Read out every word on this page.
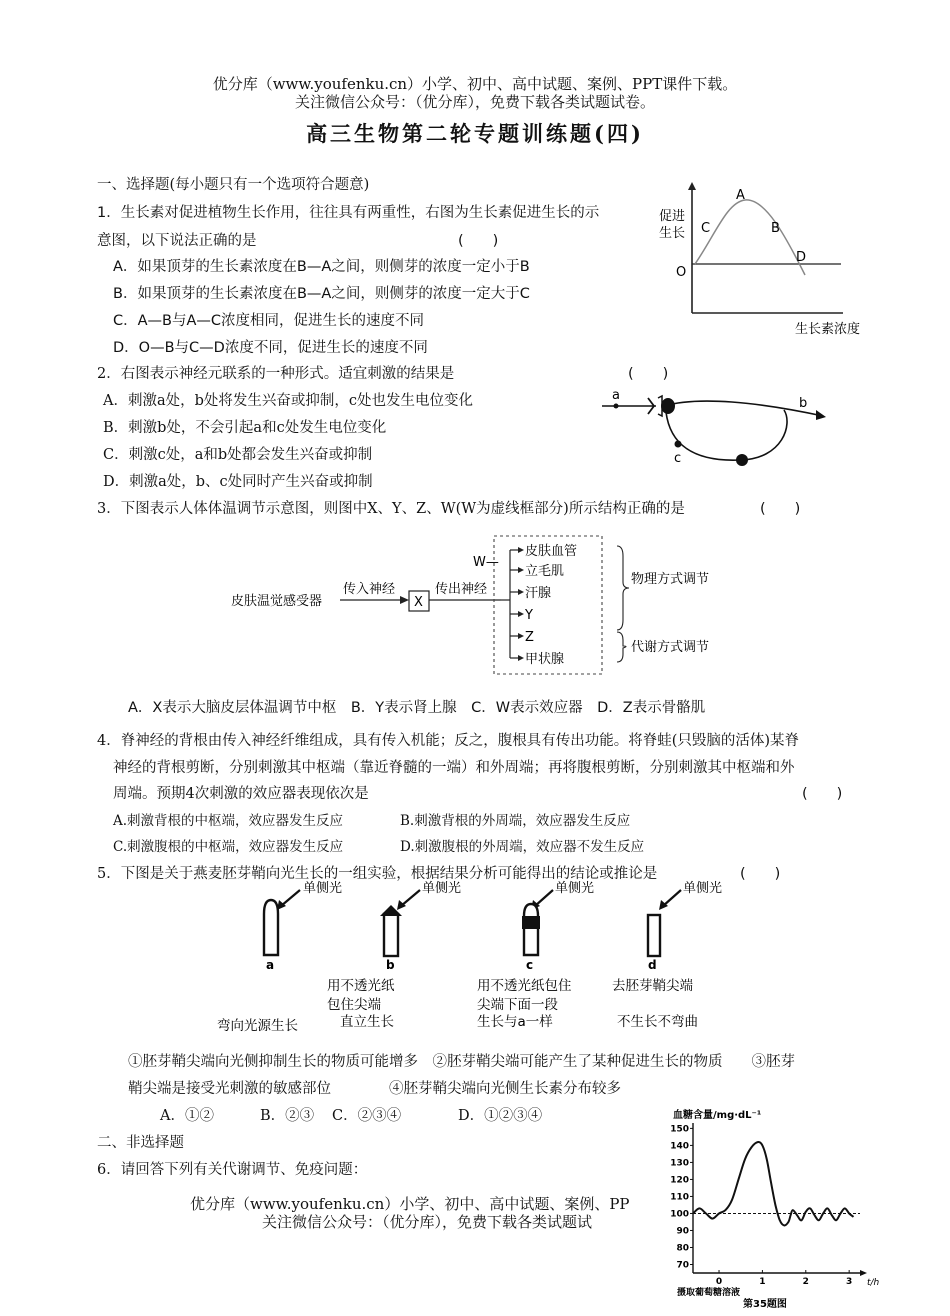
优分库（www.youfenku.cn）小学、初中、高中试题、案例、PPT课件下载。
关注微信公众号：（优分库），免费下载各类试题试卷。
高三生物第二轮专题训练题(四)
一、选择题(每小题只有一个选项符合题意)
1．生长素对促进植物生长作用，往往具有两重性，右图为生长素促进生长的示
意图，以下说法正确的是	(　　)
A．如果顶芽的生长素浓度在B—A之间，则侧芽的浓度一定小于B
B．如果顶芽的生长素浓度在B—A之间，则侧芽的浓度一定大于C
C．A—B与A—C浓度相同，促进生长的速度不同
D．O—B与C—D浓度不同，促进生长的速度不同
促进
生长
O
A
B
C
D
生长素浓度
2．右图表示神经元联系的一种形式。适宜刺激的结果是	(　　)
A．刺激a处，b处将发生兴奋或抑制，c处也发生电位变化
B．刺激b处，不会引起a和c处发生电位变化
C．刺激c处，a和b处都会发生兴奋或抑制
D．刺激a处，b、c处同时产生兴奋或抑制
a
b
c
3．下图表示人体体温调节示意图，则图中X、Y、Z、W(W为虚线框部分)所示结构正确的是	(　　)
皮肤温觉感受器
传入神经
X
传出神经
W—
皮肤血管
立毛肌
汗腺
Y
Z
甲状腺
物理方式调节
代谢方式调节
A．X表示大脑皮层体温调节中枢　B．Y表示肾上腺　C．W表示效应器　D．Z表示骨骼肌
4．脊神经的背根由传入神经纤维组成，具有传入机能；反之，腹根具有传出功能。将脊蛙(只毁脑的活体)某脊
神经的背根剪断，分别刺激其中枢端（靠近脊髓的一端）和外周端；再将腹根剪断，分别刺激其中枢端和外
周端。预期4次刺激的效应器表现依次是	(　　)
A.刺激背根的中枢端，效应器发生反应	B.刺激背根的外周端，效应器发生反应
C.刺激腹根的中枢端，效应器发生反应	D.刺激腹根的外周端，效应器不发生反应
5．下图是关于燕麦胚芽鞘向光生长的一组实验，根据结果分析可能得出的结论或推论是	(　　)
单侧光
a
单侧光
b
单侧光
c
单侧光
d
用不透光纸
包住尖端
直立生长
用不透光纸包住
尖端下面一段
生长与a一样
去胚芽鞘尖端
不生长不弯曲
弯向光源生长
①胚芽鞘尖端向光侧抑制生长的物质可能增多　②胚芽鞘尖端可能产生了某种促进生长的物质　　③胚芽
鞘尖端是接受光刺激的敏感部位　　　　④胚芽鞘尖端向光侧生长素分布较多
A．①②	B．②③ C．②③④	D．①②③④
二、非选择题
6．请回答下列有关代谢调节、免疫问题：
优分库（www.youfenku.cn）小学、初中、高中试题、案例、PP
关注微信公众号：（优分库），免费下载各类试题试
血糖含量/mg·dL⁻¹
150
140
130
120
110
100
90
80
70
0	1	2	3 t/h
摄取葡萄糖溶液
第35题图
